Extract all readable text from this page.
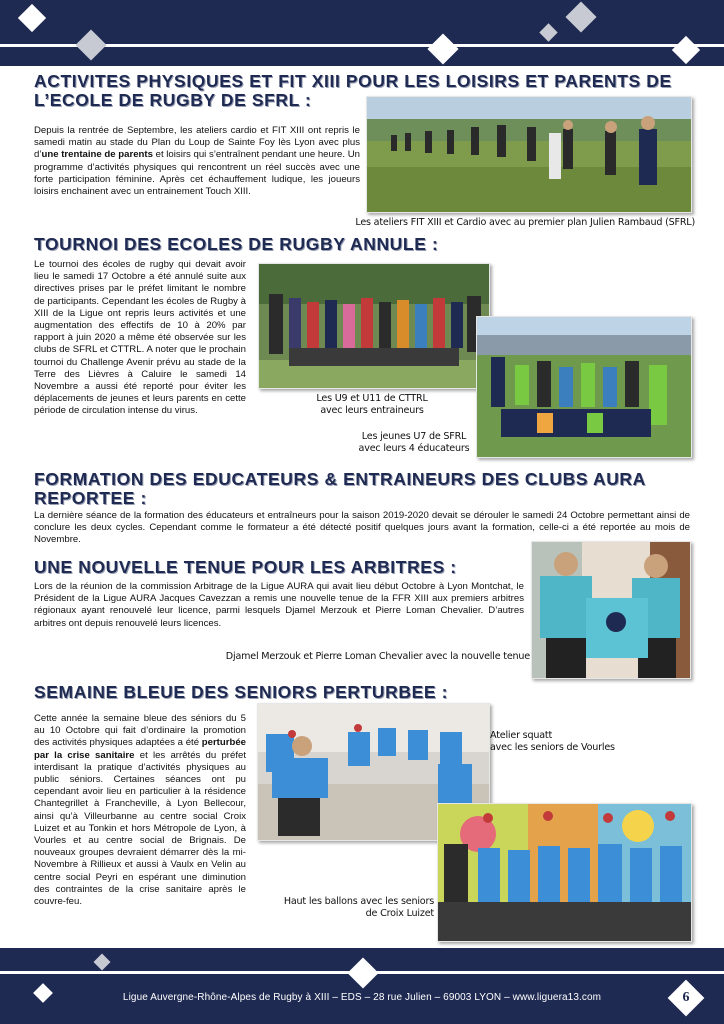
ACTIVITES PHYSIQUES ET FIT XIII POUR LES LOISIRS ET PARENTS DE L’ECOLE DE RUGBY DE SFRL :

Depuis la rentrée de Septembre, les ateliers cardio et FIT XIII ont repris le samedi matin au stade du Plan du Loup de Sainte Foy lès Lyon avec plus d’une trentaine de parents et loisirs qui s’entraînent pendant une heure. Un programme d’activités physiques qui rencontrent un réel succès avec une forte participation féminine. Après cet échauffement ludique, les joueurs loisirs enchainent avec un entrainement Touch XIII.

Les ateliers FIT XIII et Cardio avec au premier plan Julien Rambaud (SFRL)

TOURNOI DES ECOLES DE RUGBY ANNULE :

Le tournoi des écoles de rugby qui devait avoir lieu le samedi 17 Octobre a été annulé suite aux directives prises par le préfet limitant le nombre de participants. Cependant les écoles de Rugby à XIII de la Ligue ont repris leurs activités et une augmentation des effectifs de 10 à 20% par rapport à juin 2020 a même été observée sur les clubs de SFRL et CTTRL. A noter que le prochain tournoi du Challenge Avenir prévu au stade de la Terre des Lièvres à Caluire le samedi 14 Novembre a aussi été reporté pour éviter les déplacements de jeunes et leurs parents en cette période de circulation intense du virus.

Les U9 et U11 de CTTRL
avec leurs entraineurs

Les jeunes U7 de SFRL
avec leurs 4 éducateurs

FORMATION DES EDUCATEURS & ENTRAINEURS DES CLUBS AURA REPORTEE :

La dernière séance de la formation des éducateurs et entraîneurs pour la saison 2019-2020 devait se dérouler le samedi 24 Octobre permettant ainsi de conclure les deux cycles. Cependant comme le formateur a été détecté positif quelques jours avant la formation, celle-ci a été reportée au mois de Novembre.

UNE NOUVELLE TENUE POUR LES ARBITRES :

Lors de la réunion de la commission Arbitrage de la Ligue AURA qui avait lieu début Octobre à Lyon Montchat, le Président de la Ligue AURA Jacques Cavezzan a remis une nouvelle tenue de la FFR XIII aux premiers arbitres régionaux ayant renouvelé leur licence, parmi lesquels Djamel Merzouk et Pierre Loman Chevalier. D’autres arbitres ont depuis renouvelé leurs licences.

Djamel Merzouk et Pierre Loman Chevalier avec la nouvelle tenue

SEMAINE BLEUE DES SENIORS PERTURBEE :

Cette année la semaine bleue des séniors du 5 au 10 Octobre qui fait d’ordinaire la promotion des activités physiques adaptées a été perturbée par la crise sanitaire et les arrêtés du préfet interdisant la pratique d’activités physiques au public séniors. Certaines séances ont pu cependant avoir lieu en particulier à la résidence Chantegrillet à Francheville, à Lyon Bellecour, ainsi qu’à Villeurbanne au centre social Croix Luizet et au Tonkin et hors Métropole de Lyon, à Vourles et au centre social de Brignais. De nouveaux groupes devraient démarrer dès la mi-Novembre à Rillieux et aussi à Vaulx en Velin au centre social Peyri en espérant une diminution des contraintes de la crise sanitaire après le couvre-feu.

Atelier squatt
avec les seniors de Vourles

Haut les ballons avec les seniors
de Croix Luizet

Ligue Auvergne-Rhône-Alpes de Rugby à XIII – EDS – 28 rue Julien – 69003 LYON – www.liguera13.com	6
